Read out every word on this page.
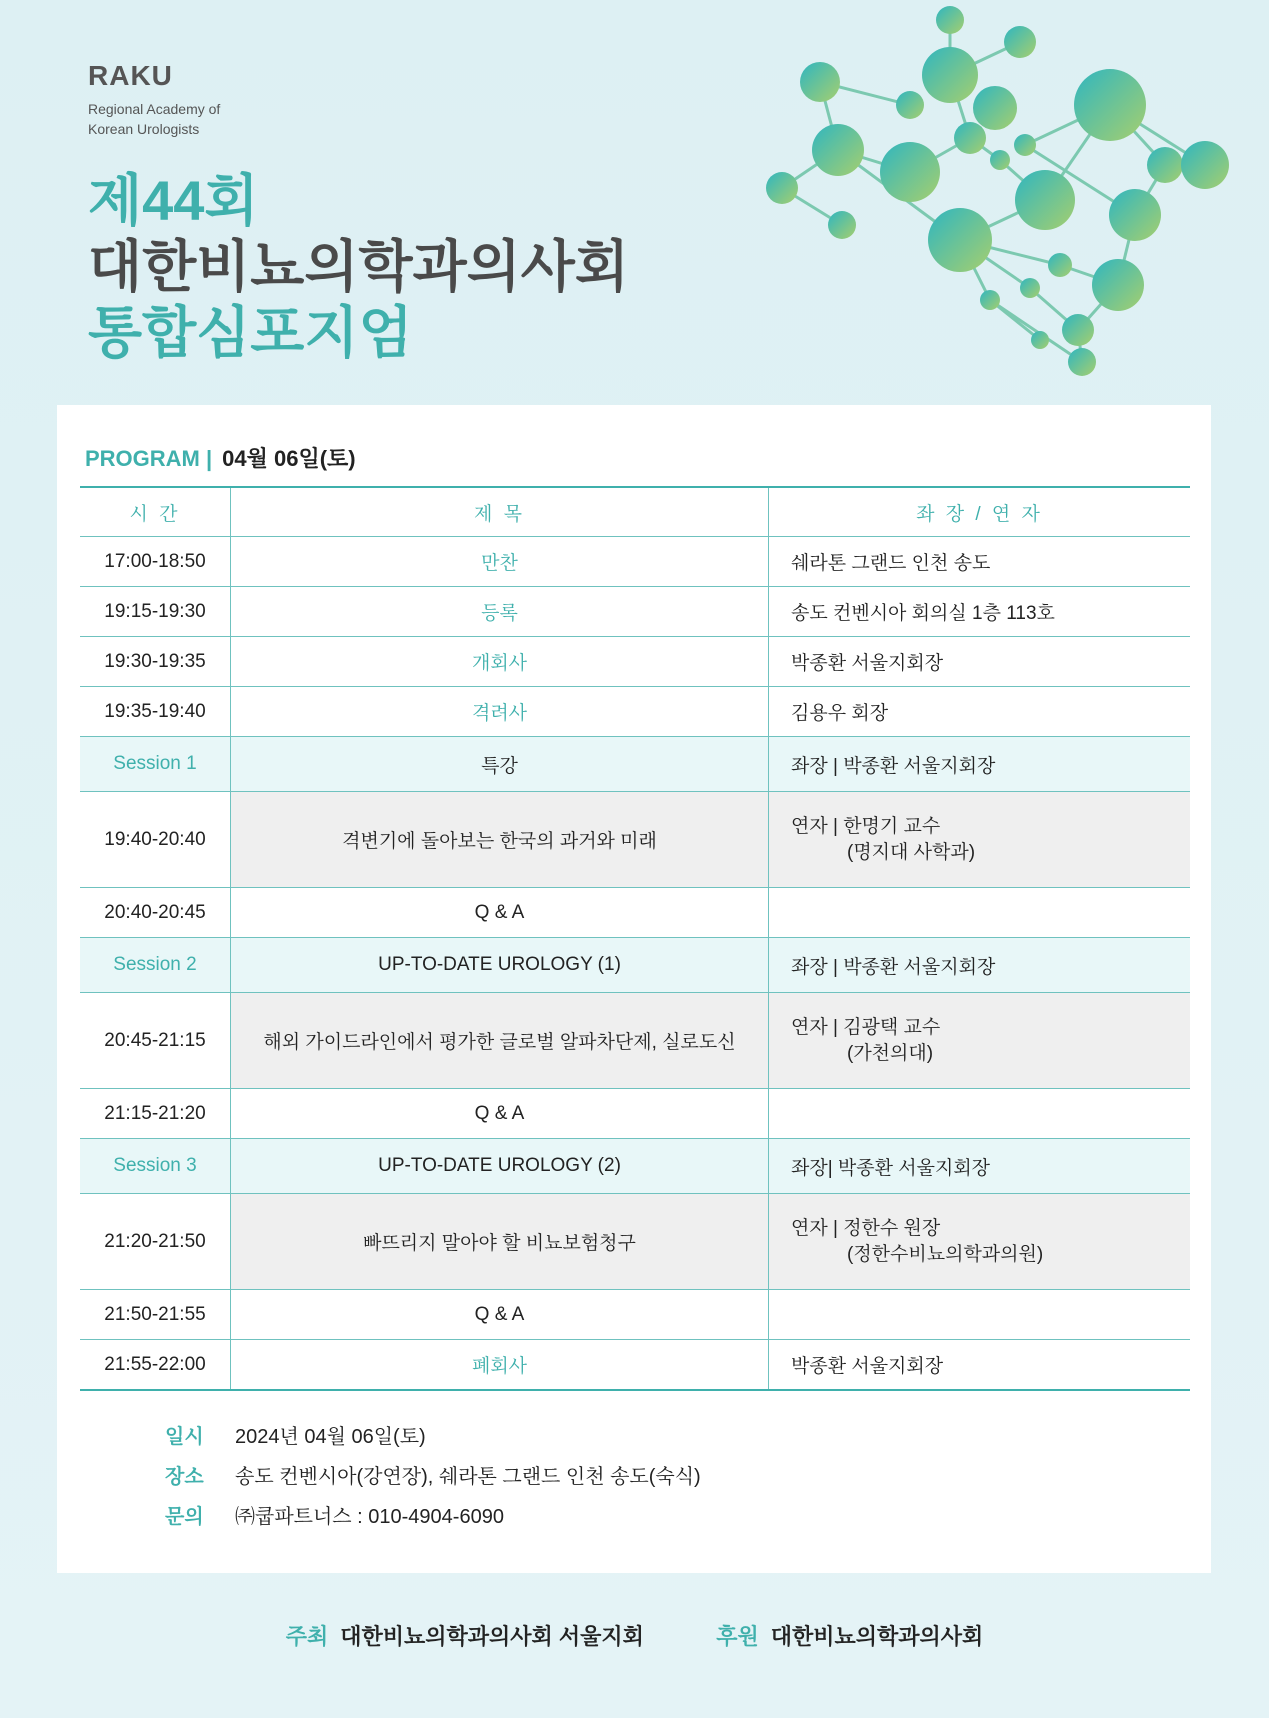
RAKU
Regional Academy of
Korean Urologists
제44회
대한비뇨의학과의사회
통합심포지엄
PROGRAM | 04월 06일(토)
시 간	제 목	좌 장 / 연 자
17:00-18:50	만찬	쉐라톤 그랜드 인천 송도
19:15-19:30	등록	송도 컨벤시아 회의실 1층 113호
19:30-19:35	개회사	박종환 서울지회장
19:35-19:40	격려사	김용우 회장
Session 1	특강	좌장 | 박종환 서울지회장
19:40-20:40	격변기에 돌아보는 한국의 과거와 미래	연자 | 한명기 교수
(명지대 사학과)

20:40-20:45	Q & A	
Session 2	UP-TO-DATE UROLOGY (1)	좌장 | 박종환 서울지회장
20:45-21:15	해외 가이드라인에서 평가한 글로벌 알파차단제, 실로도신	연자 | 김광택 교수
(가천의대)

21:15-21:20	Q & A	
Session 3	UP-TO-DATE UROLOGY (2)	좌장| 박종환 서울지회장
21:20-21:50	빠뜨리지 말아야 할 비뇨보험청구	연자 | 정한수 원장
(정한수비뇨의학과의원)

21:50-21:55	Q & A	
21:55-22:00	폐회사	박종환 서울지회장
일시 2024년 04월 06일(토)
장소 송도 컨벤시아(강연장), 쉐라톤 그랜드 인천 송도(숙식)
문의 ㈜쿱파트너스 : 010-4904-6090
주최 대한비뇨의학과의사회 서울지회	후원 대한비뇨의학과의사회
